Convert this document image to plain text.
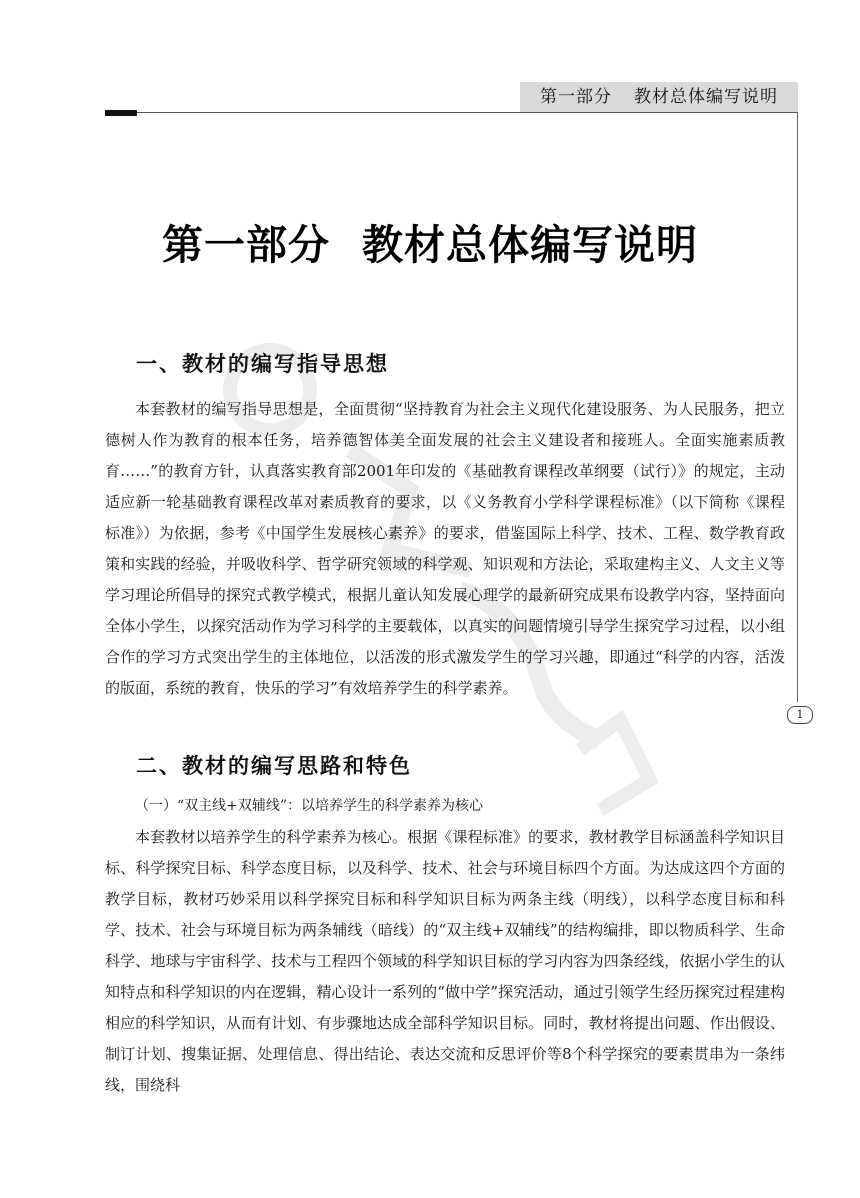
第一部分 教材总体编写说明
1
第一部分 教材总体编写说明
一、教材的编写指导思想

本套教材的编写指导思想是，全面贯彻“坚持教育为社会主义现代化建设服务、为人民服务，把立德树人作为教育的根本任务，培养德智体美全面发展的社会主义建设者和接班人。全面实施素质教育……”的教育方针，认真落实教育部2001年印发的《基础教育课程改革纲要（试行）》的规定，主动适应新一轮基础教育课程改革对素质教育的要求，以《义务教育小学科学课程标准》（以下简称《课程标准》）为依据，参考《中国学生发展核心素养》的要求，借鉴国际上科学、技术、工程、数学教育政策和实践的经验，并吸收科学、哲学研究领域的科学观、知识观和方法论，采取建构主义、人文主义等学习理论所倡导的探究式教学模式，根据儿童认知发展心理学的最新研究成果布设教学内容，坚持面向全体小学生，以探究活动作为学习科学的主要载体，以真实的问题情境引导学生探究学习过程，以小组合作的学习方式突出学生的主体地位，以活泼的形式激发学生的学习兴趣，即通过“科学的内容，活泼的版面，系统的教育，快乐的学习”有效培养学生的科学素养。

二、教材的编写思路和特色

（一）“双主线+双辅线”：以培养学生的科学素养为核心

本套教材以培养学生的科学素养为核心。根据《课程标准》的要求，教材教学目标涵盖科学知识目标、科学探究目标、科学态度目标，以及科学、技术、社会与环境目标四个方面。为达成这四个方面的教学目标，教材巧妙采用以科学探究目标和科学知识目标为两条主线（明线），以科学态度目标和科学、技术、社会与环境目标为两条辅线（暗线）的“双主线+双辅线”的结构编排，即以物质科学、生命科学、地球与宇宙科学、技术与工程四个领域的科学知识目标的学习内容为四条经线，依据小学生的认知特点和科学知识的内在逻辑，精心设计一系列的“做中学”探究活动，通过引领学生经历探究过程建构相应的科学知识，从而有计划、有步骤地达成全部科学知识目标。同时，教材将提出问题、作出假设、制订计划、搜集证据、处理信息、得出结论、表达交流和反思评价等8个科学探究的要素贯串为一条纬线，围绕科
